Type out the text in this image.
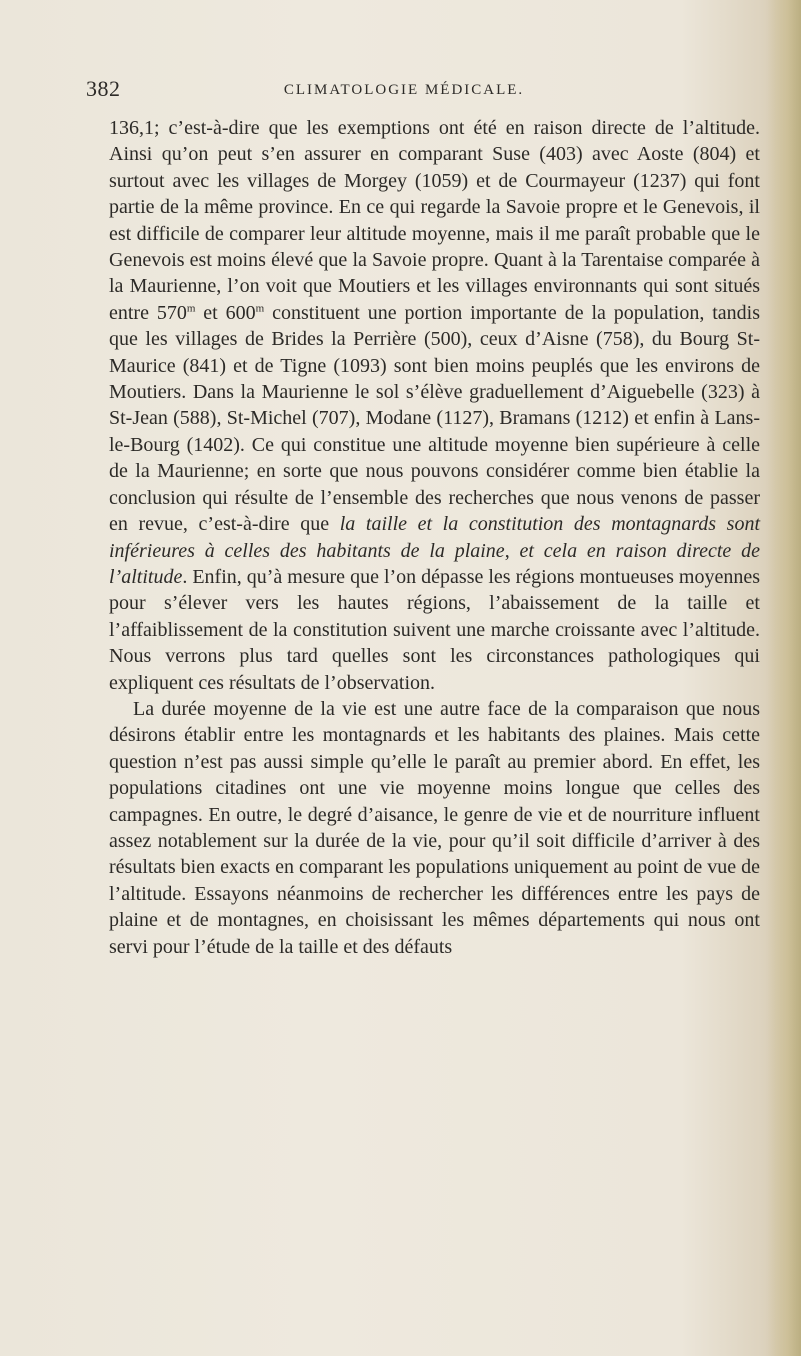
382	CLIMATOLOGIE MÉDICALE.

136,1; c’est-à-dire que les exemptions ont été en raison directe de l’altitude. Ainsi qu’on peut s’en assurer en comparant Suse (403) avec Aoste (804) et surtout avec les villages de Morgey (1059) et de Courmayeur (1237) qui font partie de la même province. En ce qui regarde la Savoie propre et le Genevois, il est difficile de comparer leur altitude moyenne, mais il me paraît probable que le Genevois est moins élevé que la Savoie propre. Quant à la Tarentaise comparée à la Maurienne, l’on voit que Moutiers et les villages environnants qui sont situés entre 570$^m$ et 600$^m$ constituent une portion importante de la population, tandis que les villages de Brides la Perrière (500), ceux d’Aisne (758), du Bourg St-Maurice (841) et de Tigne (1093) sont bien moins peuplés que les environs de Moutiers. Dans la Maurienne le sol s’élève graduellement d’Aiguebelle (323) à St-Jean (588), St-Michel (707), Modane (1127), Bramans (1212) et enfin à Lans-le-Bourg (1402). Ce qui constitue une altitude moyenne bien supérieure à celle de la Maurienne; en sorte que nous pouvons considérer comme bien établie la conclusion qui résulte de l’ensemble des recherches que nous venons de passer en revue, c’est-à-dire que la taille et la constitution des montagnards sont inférieures à celles des habitants de la plaine, et cela en raison directe de l’altitude. Enfin, qu’à mesure que l’on dépasse les régions montueuses moyennes pour s’élever vers les hautes régions, l’abaissement de la taille et l’affaiblissement de la constitution suivent une marche croissante avec l’altitude. Nous verrons plus tard quelles sont les circonstances pathologiques qui expliquent ces résultats de l’observation.

La durée moyenne de la vie est une autre face de la comparaison que nous désirons établir entre les montagnards et les habitants des plaines. Mais cette question n’est pas aussi simple qu’elle le paraît au premier abord. En effet, les populations citadines ont une vie moyenne moins longue que celles des campagnes. En outre, le degré d’aisance, le genre de vie et de nourriture influent assez notablement sur la durée de la vie, pour qu’il soit difficile d’arriver à des résultats bien exacts en comparant les populations uniquement au point de vue de l’altitude. Essayons néanmoins de rechercher les différences entre les pays de plaine et de montagnes, en choisissant les mêmes départements qui nous ont servi pour l’étude de la taille et des défauts
